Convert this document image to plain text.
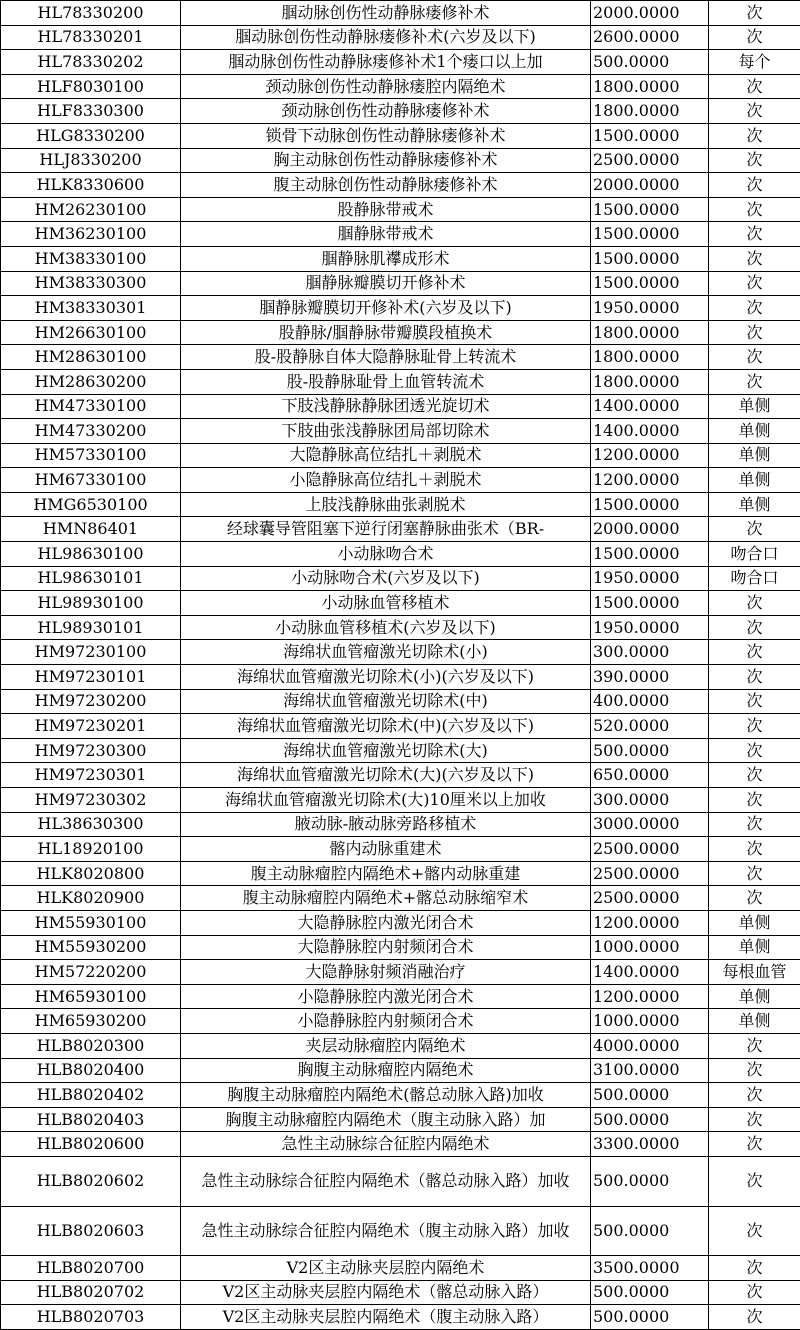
HL78330200	腘动脉创伤性动静脉瘘修补术	2000.0000	次
HL78330201	腘动脉创伤性动静脉瘘修补术(六岁及以下)	2600.0000	次
HL78330202	腘动脉创伤性动静脉瘘修补术1个瘘口以上加	500.0000	每个
HLF8030100	颈动脉创伤性动静脉瘘腔内隔绝术	1800.0000	次
HLF8330300	颈动脉创伤性动静脉瘘修补术	1800.0000	次
HLG8330200	锁骨下动脉创伤性动静脉瘘修补术	1500.0000	次
HLJ8330200	胸主动脉创伤性动静脉瘘修补术	2500.0000	次
HLK8330600	腹主动脉创伤性动静脉瘘修补术	2000.0000	次
HM26230100	股静脉带戒术	1500.0000	次
HM36230100	腘静脉带戒术	1500.0000	次
HM38330100	腘静脉肌襻成形术	1500.0000	次
HM38330300	腘静脉瓣膜切开修补术	1500.0000	次
HM38330301	腘静脉瓣膜切开修补术(六岁及以下)	1950.0000	次
HM26630100	股静脉/腘静脉带瓣膜段植换术	1800.0000	次
HM28630100	股-股静脉自体大隐静脉耻骨上转流术	1800.0000	次
HM28630200	股-股静脉耻骨上血管转流术	1800.0000	次
HM47330100	下肢浅静脉静脉团透光旋切术	1400.0000	单侧
HM47330200	下肢曲张浅静脉团局部切除术	1400.0000	单侧
HM57330100	大隐静脉高位结扎＋剥脱术	1200.0000	单侧
HM67330100	小隐静脉高位结扎＋剥脱术	1200.0000	单侧
HMG6530100	上肢浅静脉曲张剥脱术	1500.0000	单侧
HMN86401	经球囊导管阻塞下逆行闭塞静脉曲张术（BR-	2000.0000	次
HL98630100	小动脉吻合术	1500.0000	吻合口
HL98630101	小动脉吻合术(六岁及以下)	1950.0000	吻合口
HL98930100	小动脉血管移植术	1500.0000	次
HL98930101	小动脉血管移植术(六岁及以下)	1950.0000	次
HM97230100	海绵状血管瘤激光切除术(小)	300.0000	次
HM97230101	海绵状血管瘤激光切除术(小)(六岁及以下)	390.0000	次
HM97230200	海绵状血管瘤激光切除术(中)	400.0000	次
HM97230201	海绵状血管瘤激光切除术(中)(六岁及以下)	520.0000	次
HM97230300	海绵状血管瘤激光切除术(大)	500.0000	次
HM97230301	海绵状血管瘤激光切除术(大)(六岁及以下)	650.0000	次
HM97230302	海绵状血管瘤激光切除术(大)10厘米以上加收	300.0000	次
HL38630300	腋动脉-腋动脉旁路移植术	3000.0000	次
HL18920100	髂内动脉重建术	2500.0000	次
HLK8020800	腹主动脉瘤腔内隔绝术+髂内动脉重建	2500.0000	次
HLK8020900	腹主动脉瘤腔内隔绝术+髂总动脉缩窄术	2500.0000	次
HM55930100	大隐静脉腔内激光闭合术	1200.0000	单侧
HM55930200	大隐静脉腔内射频闭合术	1000.0000	单侧
HM57220200	大隐静脉射频消融治疗	1400.0000	每根血管
HM65930100	小隐静脉腔内激光闭合术	1200.0000	单侧
HM65930200	小隐静脉腔内射频闭合术	1000.0000	单侧
HLB8020300	夹层动脉瘤腔内隔绝术	4000.0000	次
HLB8020400	胸腹主动脉瘤腔内隔绝术	3100.0000	次
HLB8020402	胸腹主动脉瘤腔内隔绝术(髂总动脉入路)加收	500.0000	次
HLB8020403	胸腹主动脉瘤腔内隔绝术（腹主动脉入路）加	500.0000	次
HLB8020600	急性主动脉综合征腔内隔绝术	3300.0000	次
HLB8020602	急性主动脉综合征腔内隔绝术（髂总动脉入路）加收	500.0000	次
HLB8020603	急性主动脉综合征腔内隔绝术（腹主动脉入路）加收	500.0000	次
HLB8020700	V2区主动脉夹层腔内隔绝术	3500.0000	次
HLB8020702	V2区主动脉夹层腔内隔绝术（髂总动脉入路）	500.0000	次
HLB8020703	V2区主动脉夹层腔内隔绝术（腹主动脉入路）	500.0000	次
